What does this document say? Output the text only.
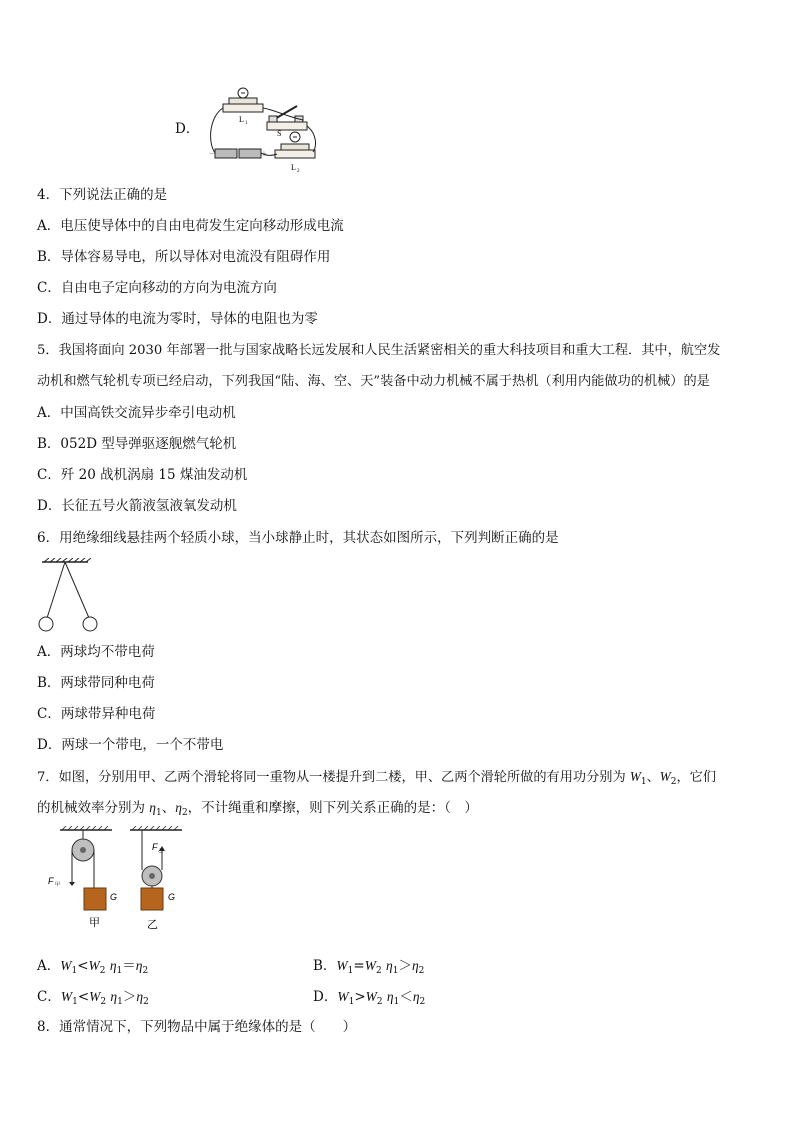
D．
L 1
S
L 2
－	＋
4．下列说法正确的是
A．电压使导体中的自由电荷发生定向移动形成电流
B．导体容易导电，所以导体对电流没有阻碍作用
C．自由电子定向移动的方向为电流方向
D．通过导体的电流为零时，导体的电阻也为零
5．我国将面向 2030 年部署一批与国家战略长远发展和人民生活紧密相关的重大科技项目和重大工程．其中，航空发
动机和燃气轮机专项已经启动，下列我国“陆、海、空、天”装备中动力机械不属于热机（利用内能做功的机械）的是
A．中国高铁交流异步牵引电动机
B．052D 型导弹驱逐舰燃气轮机
C．歼 20 战机涡扇 15 煤油发动机
D．长征五号火箭液氢液氧发动机
6．用绝缘细线悬挂两个轻质小球，当小球静止时，其状态如图所示，下列判断正确的是
A．两球均不带电荷
B．两球带同种电荷
C．两球带异种电荷
D．两球一个带电，一个不带电
7．如图，分别用甲、乙两个滑轮将同一重物从一楼提升到二楼，甲、乙两个滑轮所做的有用功分别为 $W_1$、$W_2$，它们
的机械效率分别为 $\eta_1$、$\eta_2$，不计绳重和摩擦，则下列关系正确的是：（　）
F 甲
G
甲
F 乙
G
乙
A．$W_1<W_2$ $\eta_1=\eta_2$	B．$W_1=W_2$ $\eta_1>\eta_2$
C．$W_1<W_2$ $\eta_1>\eta_2$	D．$W_1>W_2$ $\eta_1<\eta_2$
8．通常情况下，下列物品中属于绝缘体的是（　　）
